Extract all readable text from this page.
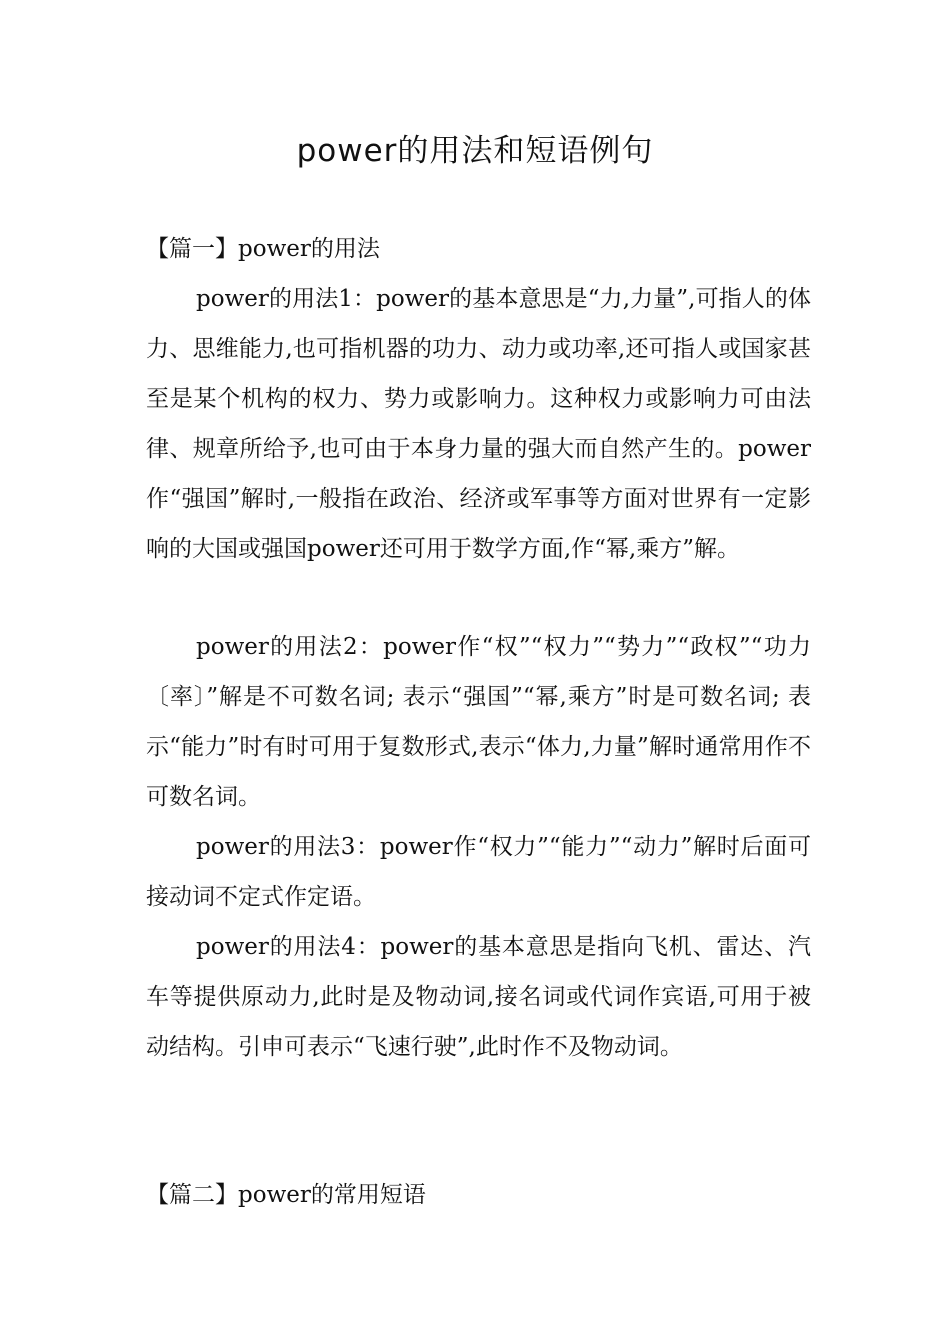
power的用法和短语例句
【篇一】power的用法

power的用法1：power的基本意思是“力,力量”,可指人的体力、思维能力,也可指机器的功力、动力或功率,还可指人或国家甚至是某个机构的权力、势力或影响力。这种权力或影响力可由法律、规章所给予,也可由于本身力量的强大而自然产生的。power作“强国”解时,一般指在政治、经济或军事等方面对世界有一定影响的大国或强国power还可用于数学方面,作“幂,乘方”解。

power的用法2：power作“权”“权力”“势力”“政权”“功力〔率〕”解是不可数名词; 表示“强国”“幂,乘方”时是可数名词; 表示“能力”时有时可用于复数形式,表示“体力,力量”解时通常用作不可数名词。

power的用法3：power作“权力”“能力”“动力”解时后面可接动词不定式作定语。

power的用法4：power的基本意思是指向飞机、雷达、汽车等提供原动力,此时是及物动词,接名词或代词作宾语,可用于被动结构。引申可表示“飞速行驶”,此时作不及物动词。

【篇二】power的常用短语
